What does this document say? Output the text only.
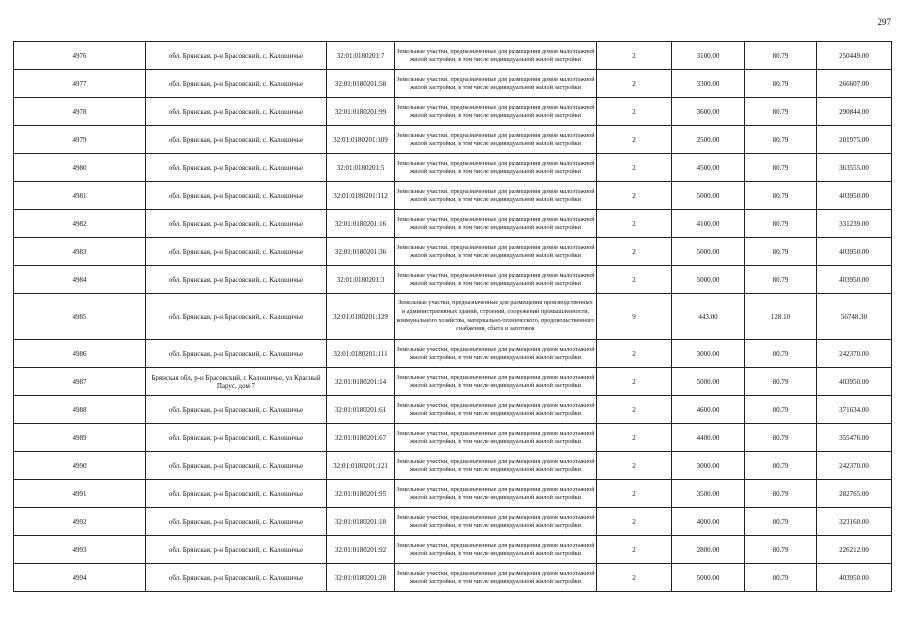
297
4976	обл. Брянская, р-н Брасовский, с. Калошичье	32:01:0180201:7	Земельные участки, предназначенные для размещения домов малоэтажной жилой застройки, в том числе индивидуальной жилой застройки	2	3100.00	80.79	250449.00
4977	обл. Брянская, р-н Брасовский, с. Калошичье	32:01:0180201:58	Земельные участки, предназначенные для размещения домов малоэтажной жилой застройки, в том числе индивидуальной жилой застройки	2	3300.00	80.79	266607.00
4978	обл. Брянская, р-н Брасовский, с. Калошичье	32:01:0180201:99	Земельные участки, предназначенные для размещения домов малоэтажной жилой застройки, в том числе индивидуальной жилой застройки	2	3600.00	80.79	290844.00
4979	обл. Брянская, р-н Брасовский, с. Калошичье	32:01:0180201:109	Земельные участки, предназначенные для размещения домов малоэтажной жилой застройки, в том числе индивидуальной жилой застройки	2	2500.00	80.79	201975.00
4980	обл. Брянская, р-н Брасовский, с. Калошичье	32:01:0180201:5	Земельные участки, предназначенные для размещения домов малоэтажной жилой застройки, в том числе индивидуальной жилой застройки	2	4500.00	80.79	363555.00
4981	обл. Брянская, р-н Брасовский, с. Калошичье	32:01:0180201:112	Земельные участки, предназначенные для размещения домов малоэтажной жилой застройки, в том числе индивидуальной жилой застройки	2	5000.00	80.79	403950.00
4982	обл. Брянская, р-н Брасовский, с. Калошичье	32:01:0180201:16	Земельные участки, предназначенные для размещения домов малоэтажной жилой застройки, в том числе индивидуальной жилой застройки	2	4100.00	80.79	331239.00
4983	обл. Брянская, р-н Брасовский, с. Калошичье	32:01:0180201:36	Земельные участки, предназначенные для размещения домов малоэтажной жилой застройки, в том числе индивидуальной жилой застройки	2	5000.00	80.79	403950.00
4984	обл. Брянская, р-н Брасовский, с. Калошичье	32:01:0180201:3	Земельные участки, предназначенные для размещения домов малоэтажной жилой застройки, в том числе индивидуальной жилой застройки	2	5000.00	80.79	403950.00
4985	обл. Брянская, р-н Брасовский, с. Калошичье	32:01:0180201:129	Земельные участки, предназначенные для размещения производственных и административных зданий, строений, сооружений промышленности, коммунального хозяйства, материально-технического, продовольственного снабжения, сбыта и заготовок	9	443.00	128.10	56748.30
4986	обл. Брянская, р-н Брасовский, с. Калошичье	32:01:0180201:111	Земельные участки, предназначенные для размещения домов малоэтажной жилой застройки, в том числе индивидуальной жилой застройки	2	3000.00	80.79	242370.00
4987	Брянская обл, р-н Брасовский, с Калошичье, ул Красный Парус, дом 7	32:01:0180201:14	Земельные участки, предназначенные для размещения домов малоэтажной жилой застройки, в том числе индивидуальной жилой застройки	2	5000.00	80.79	403950.00
4988	обл. Брянская, р-н Брасовский, с. Калошичье	32:01:0180201:61	Земельные участки, предназначенные для размещения домов малоэтажной жилой застройки, в том числе индивидуальной жилой застройки	2	4600.00	80.79	371634.00
4989	обл. Брянская, р-н Брасовский, с. Калошичье	32:01:0180201:67	Земельные участки, предназначенные для размещения домов малоэтажной жилой застройки, в том числе индивидуальной жилой застройки	2	4400.00	80.79	355476.00
4990	обл. Брянская, р-н Брасовский, с. Калошичье	32:01:0180201:121	Земельные участки, предназначенные для размещения домов малоэтажной жилой застройки, в том числе индивидуальной жилой застройки	2	3000.00	80.79	242370.00
4991	обл. Брянская, р-н Брасовский, с. Калошичье	32:01:0180201:95	Земельные участки, предназначенные для размещения домов малоэтажной жилой застройки, в том числе индивидуальной жилой застройки	2	3500.00	80.79	282765.00
4992	обл. Брянская, р-н Брасовский, с. Калошичье	32:01:0180201:18	Земельные участки, предназначенные для размещения домов малоэтажной жилой застройки, в том числе индивидуальной жилой застройки	2	4000.00	80.79	323160.00
4993	обл. Брянская, р-н Брасовский, с. Калошичье	32:01:0180201:92	Земельные участки, предназначенные для размещения домов малоэтажной жилой застройки, в том числе индивидуальной жилой застройки	2	2800.00	80.79	226212.00
4994	обл. Брянская, р-н Брасовский, с. Калошичье	32:01:0180201:28	Земельные участки, предназначенные для размещения домов малоэтажной жилой застройки, в том числе индивидуальной жилой застройки	2	5000.00	80.79	403950.00
